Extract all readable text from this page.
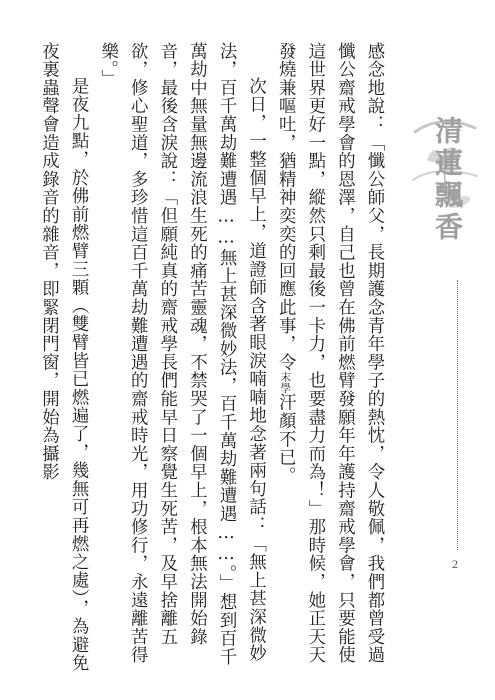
感念地說：「懺公師父，長期護念青年學子的熱忱，令人敬佩，我們都曾受過懺公齋戒學會的恩澤，自己也曾在佛前燃臂發願年年護持齋戒學會，只要能使這世界更好一點，縱然只剩最後一卡力，也要盡力而為！」那時候，她正天天發燒兼嘔吐，猶精神奕奕的回應此事，令末學汗顏不已。

次日，一整個早上，道證師含著眼淚喃喃地念著兩句話：「無上甚深微妙法，百千萬劫難遭遇……無上甚深微妙法，百千萬劫難遭遇……。」想到百千萬劫中無量無邊流浪生死的痛苦靈魂，不禁哭了一個早上，根本無法開始錄音，最後含淚說：「但願純真的齋戒學長們能早日察覺生死苦，及早捨離五欲，修心聖道，多珍惜這百千萬劫難遭遇的齋戒時光，用功修行，永遠離苦得樂。」

是夜九點，於佛前燃臂三顆（雙臂皆已燃遍了，幾無可再燃之處），為避免夜裏蟲聲會造成錄音的雜音，即緊閉門窗，開始為攝影	清蓮飄香
2
